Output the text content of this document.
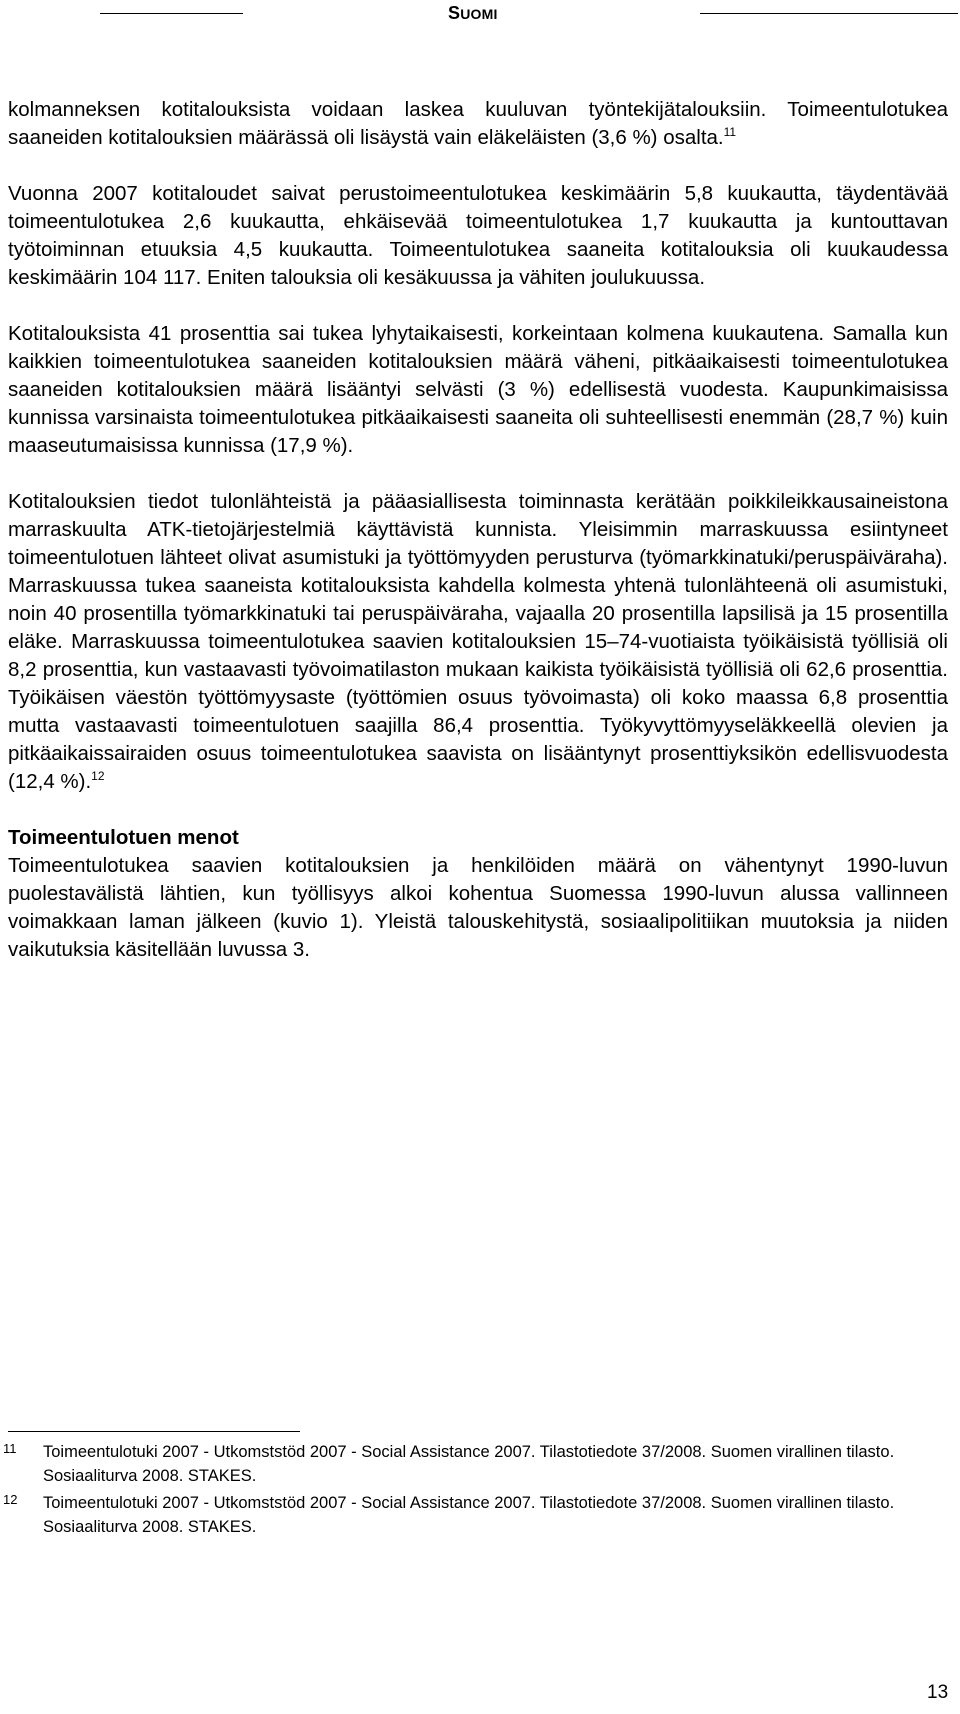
SUOMI

kolmanneksen kotitalouksista voidaan laskea kuuluvan työntekijätalouksiin. Toimeentulotukea saaneiden kotitalouksien määrässä oli lisäystä vain eläkeläisten (3,6 %) osalta.$^{11}$

Vuonna 2007 kotitaloudet saivat perustoimeentulotukea keskimäärin 5,8 kuukautta, täydentävää toimeentulotukea 2,6 kuukautta, ehkäisevää toimeentulotukea 1,7 kuukautta ja kuntouttavan työtoiminnan etuuksia 4,5 kuukautta. Toimeentulotukea saaneita kotitalouksia oli kuukaudessa keskimäärin 104 117. Eniten talouksia oli kesäkuussa ja vähiten joulukuussa.

Kotitalouksista 41 prosenttia sai tukea lyhytaikaisesti, korkeintaan kolmena kuukautena. Samalla kun kaikkien toimeentulotukea saaneiden kotitalouksien määrä väheni, pitkäaikaisesti toimeentulotukea saaneiden kotitalouksien määrä lisääntyi selvästi (3 %) edellisestä vuodesta. Kaupunkimaisissa kunnissa varsinaista toimeentulotukea pitkäaikaisesti saaneita oli suhteellisesti enemmän (28,7 %) kuin maaseutumaisissa kunnissa (17,9 %).

Kotitalouksien tiedot tulonlähteistä ja pääasiallisesta toiminnasta kerätään poikkileikkausaineistona marraskuulta ATK-tietojärjestelmiä käyttävistä kunnista. Yleisimmin marraskuussa esiintyneet toimeentulotuen lähteet olivat asumistuki ja työttömyyden perusturva (työmarkkinatuki/peruspäiväraha). Marraskuussa tukea saaneista kotitalouksista kahdella kolmesta yhtenä tulonlähteenä oli asumistuki, noin 40 prosentilla työmarkkinatuki tai peruspäiväraha, vajaalla 20 prosentilla lapsilisä ja 15 prosentilla eläke. Marraskuussa toimeentulotukea saavien kotitalouksien 15–74-vuotiaista työikäisistä työllisiä oli 8,2 prosenttia, kun vastaavasti työvoimatilaston mukaan kaikista työikäisistä työllisiä oli 62,6 prosenttia. Työikäisen väestön työttömyysaste (työttömien osuus työvoimasta) oli koko maassa 6,8 prosenttia mutta vastaavasti toimeentulotuen saajilla 86,4 prosenttia. Työkyvyttömyyseläkkeellä olevien ja pitkäaikaissairaiden osuus toimeentulotukea saavista on lisääntynyt prosenttiyksikön edellisvuodesta (12,4 %).$^{12}$

Toimeentulotuen menot

Toimeentulotukea saavien kotitalouksien ja henkilöiden määrä on vähentynyt 1990-luvun puolestavälistä lähtien, kun työllisyys alkoi kohentua Suomessa 1990-luvun alussa vallinneen voimakkaan laman jälkeen (kuvio 1). Yleistä talouskehitystä, sosiaalipolitiikan muutoksia ja niiden vaikutuksia käsitellään luvussa 3.

11 Toimeentulotuki 2007 - Utkomststöd 2007 - Social Assistance 2007. Tilastotiedote 37/2008. Suomen virallinen tilasto. Sosiaaliturva 2008. STAKES.
12 Toimeentulotuki 2007 - Utkomststöd 2007 - Social Assistance 2007. Tilastotiedote 37/2008. Suomen virallinen tilasto. Sosiaaliturva 2008. STAKES.
13
